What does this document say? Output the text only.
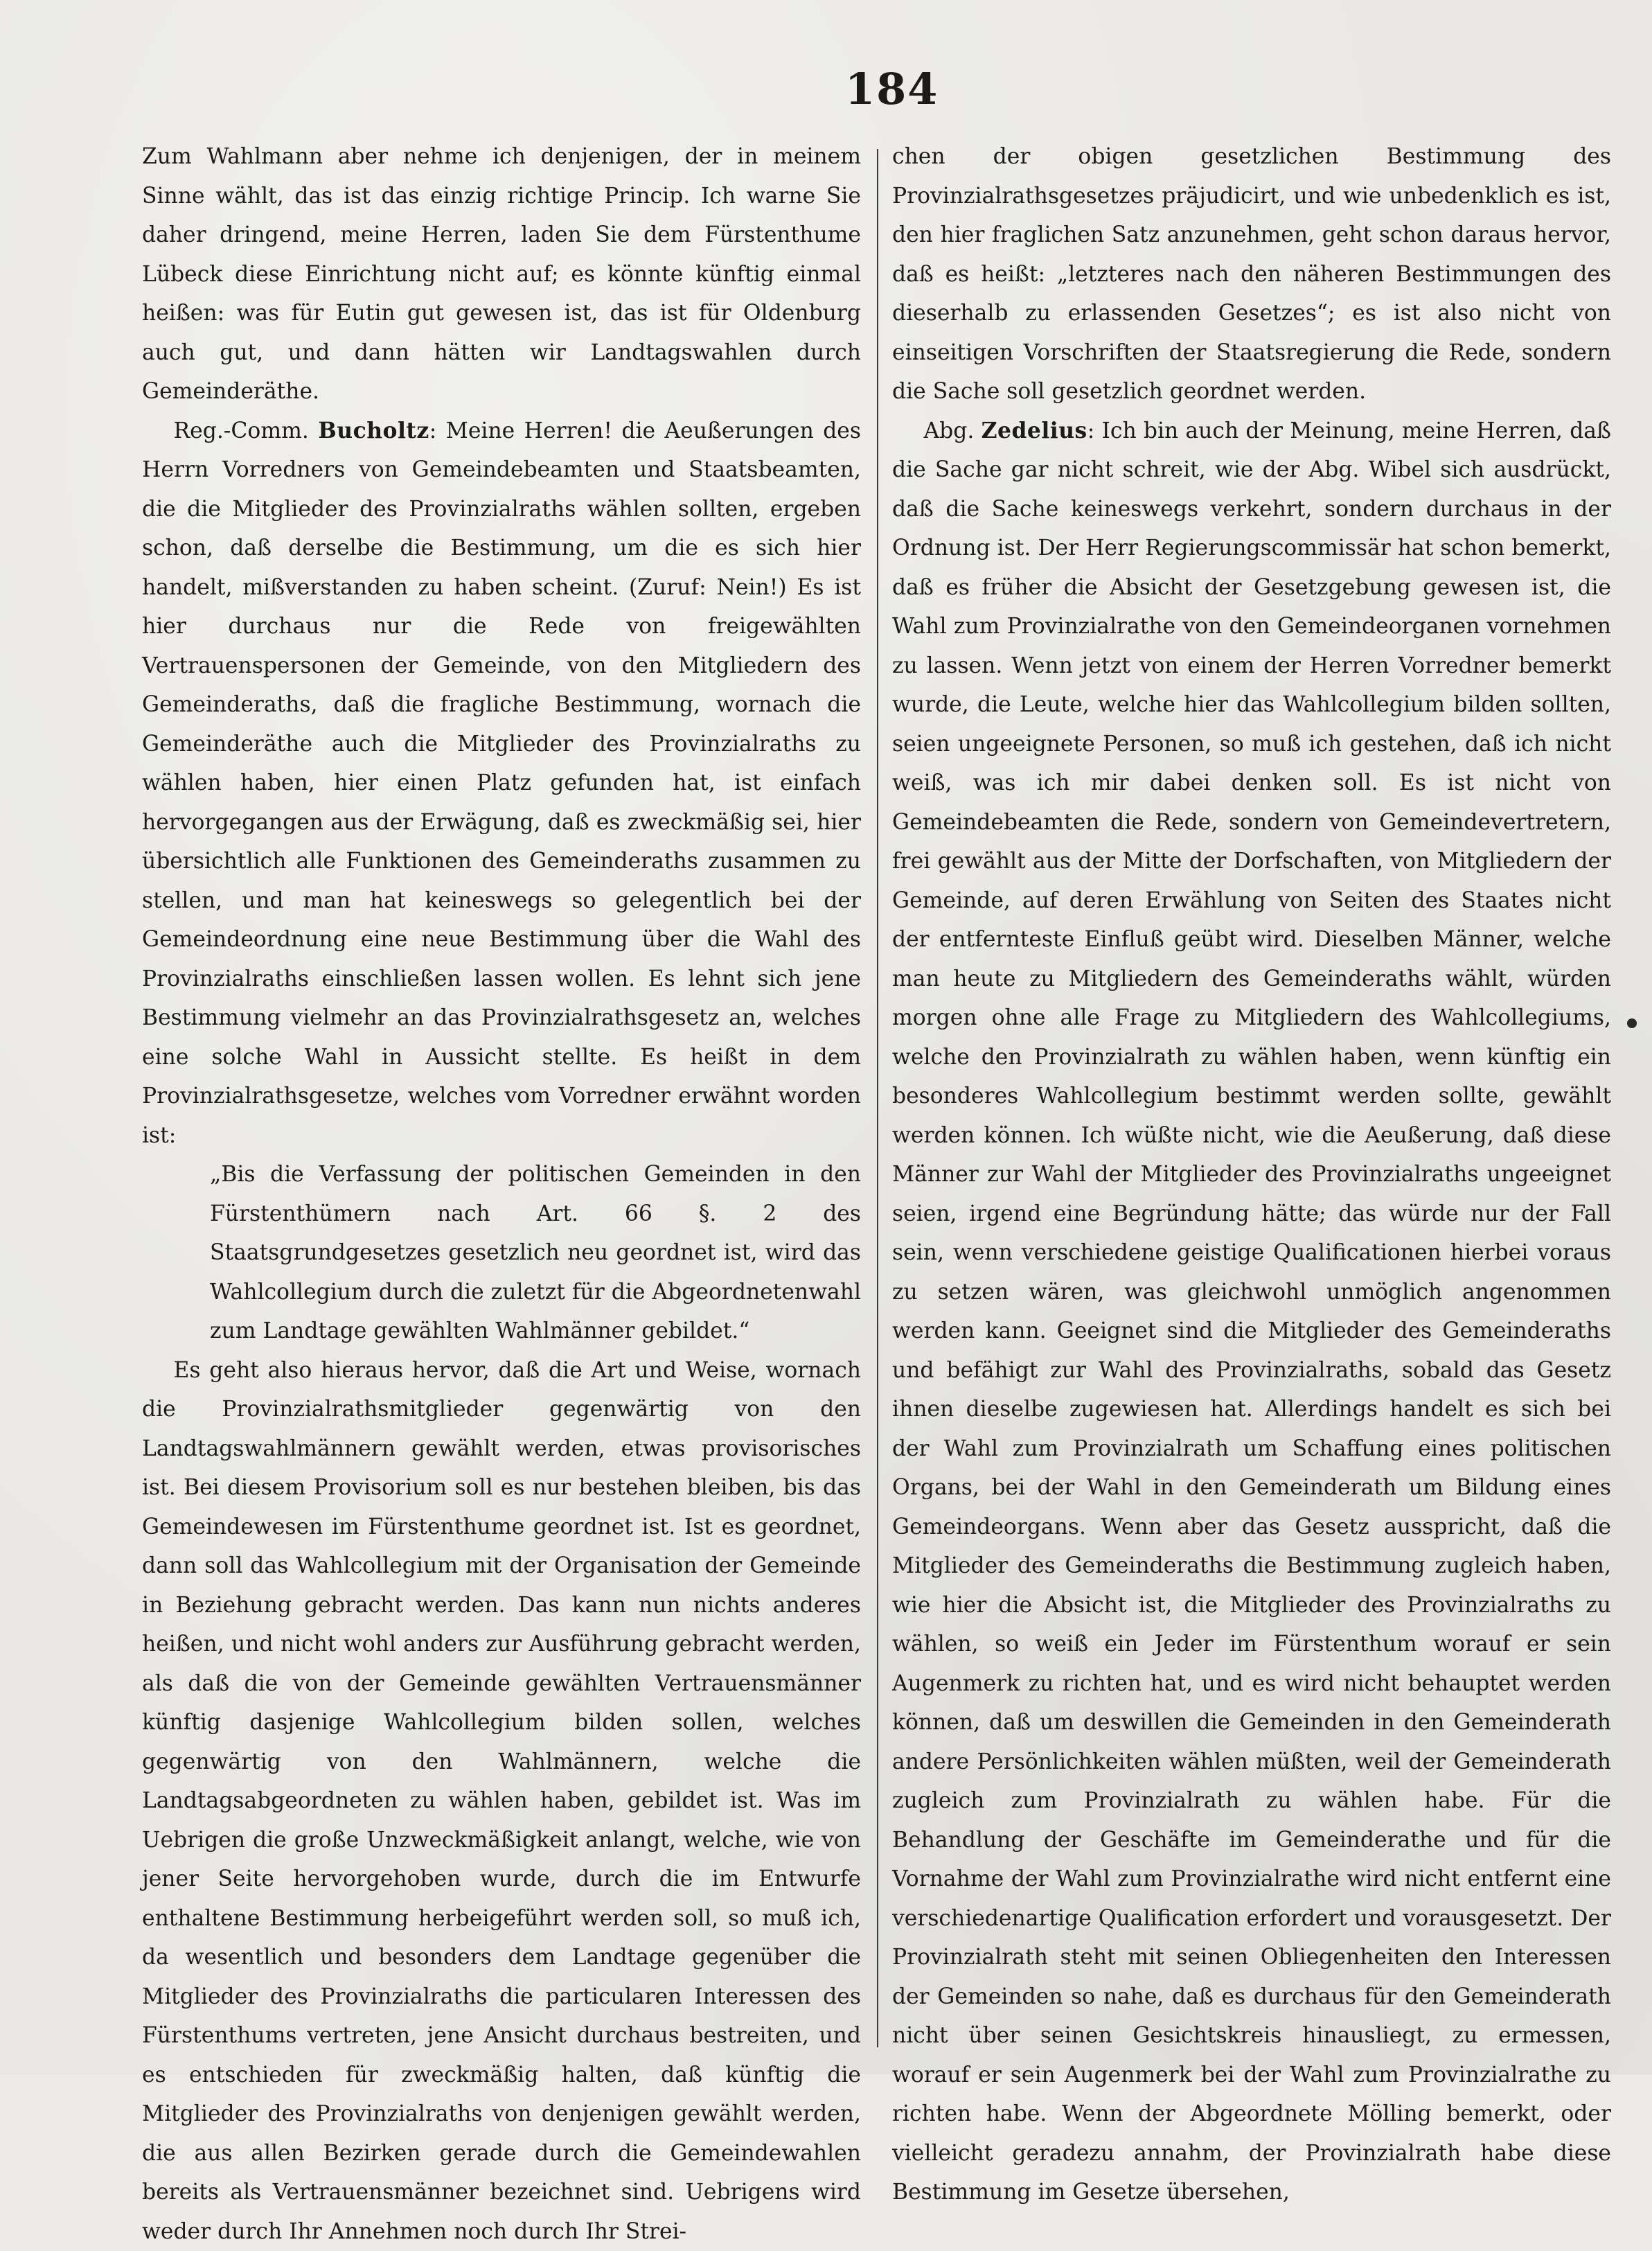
184

Zum Wahlmann aber nehme ich denjenigen, der in meinem Sinne wählt, das ist das einzig richtige Princip. Ich warne Sie daher dringend, meine Herren, laden Sie dem Fürstenthume Lübeck diese Einrichtung nicht auf; es könnte künftig einmal heißen: was für Eutin gut gewesen ist, das ist für Oldenburg auch gut, und dann hätten wir Landtagswahlen durch Gemeinderäthe.

Reg.-Comm. Bucholtz: Meine Herren! die Aeußerungen des Herrn Vorredners von Gemeindebeamten und Staatsbeamten, die die Mitglieder des Provinzialraths wählen sollten, ergeben schon, daß derselbe die Bestimmung, um die es sich hier handelt, mißverstanden zu haben scheint. (Zuruf: Nein!) Es ist hier durchaus nur die Rede von freigewählten Vertrauenspersonen der Gemeinde, von den Mitgliedern des Gemeinderaths, daß die fragliche Bestimmung, wornach die Gemeinderäthe auch die Mitglieder des Provinzialraths zu wählen haben, hier einen Platz gefunden hat, ist einfach hervorgegangen aus der Erwägung, daß es zweckmäßig sei, hier übersichtlich alle Funktionen des Gemeinderaths zusammen zu stellen, und man hat keineswegs so gelegentlich bei der Gemeindeordnung eine neue Bestimmung über die Wahl des Provinzialraths einschließen lassen wollen. Es lehnt sich jene Bestimmung vielmehr an das Provinzialrathsgesetz an, welches eine solche Wahl in Aussicht stellte. Es heißt in dem Provinzialrathsgesetze, welches vom Vorredner erwähnt worden ist:

„Bis die Verfassung der politischen Gemeinden in den Fürstenthümern nach Art. 66 §. 2 des Staatsgrundgesetzes gesetzlich neu geordnet ist, wird das Wahlcollegium durch die zuletzt für die Abgeordnetenwahl zum Landtage gewählten Wahlmänner gebildet.“

Es geht also hieraus hervor, daß die Art und Weise, wornach die Provinzialrathsmitglieder gegenwärtig von den Landtagswahlmännern gewählt werden, etwas provisorisches ist. Bei diesem Provisorium soll es nur bestehen bleiben, bis das Gemeindewesen im Fürstenthume geordnet ist. Ist es geordnet, dann soll das Wahlcollegium mit der Organisation der Gemeinde in Beziehung gebracht werden. Das kann nun nichts anderes heißen, und nicht wohl anders zur Ausführung gebracht werden, als daß die von der Gemeinde gewählten Vertrauensmänner künftig dasjenige Wahlcollegium bilden sollen, welches gegenwärtig von den Wahlmännern, welche die Landtagsabgeordneten zu wählen haben, gebildet ist. Was im Uebrigen die große Unzweckmäßigkeit anlangt, welche, wie von jener Seite hervorgehoben wurde, durch die im Entwurfe enthaltene Bestimmung herbeigeführt werden soll, so muß ich, da wesentlich und besonders dem Landtage gegenüber die Mitglieder des Provinzialraths die particularen Interessen des Fürstenthums vertreten, jene Ansicht durchaus bestreiten, und es entschieden für zweckmäßig halten, daß künftig die Mitglieder des Provinzialraths von denjenigen gewählt werden, die aus allen Bezirken gerade durch die Gemeindewahlen bereits als Vertrauensmänner bezeichnet sind. Uebrigens wird weder durch Ihr Annehmen noch durch Ihr Strei-

chen der obigen gesetzlichen Bestimmung des Provinzialrathsgesetzes präjudicirt, und wie unbedenklich es ist, den hier fraglichen Satz anzunehmen, geht schon daraus hervor, daß es heißt: „letzteres nach den näheren Bestimmungen des dieserhalb zu erlassenden Gesetzes“; es ist also nicht von einseitigen Vorschriften der Staatsregierung die Rede, sondern die Sache soll gesetzlich geordnet werden.

Abg. Zedelius: Ich bin auch der Meinung, meine Herren, daß die Sache gar nicht schreit, wie der Abg. Wibel sich ausdrückt, daß die Sache keineswegs verkehrt, sondern durchaus in der Ordnung ist. Der Herr Regierungscommissär hat schon bemerkt, daß es früher die Absicht der Gesetzgebung gewesen ist, die Wahl zum Provinzialrathe von den Gemeindeorganen vornehmen zu lassen. Wenn jetzt von einem der Herren Vorredner bemerkt wurde, die Leute, welche hier das Wahlcollegium bilden sollten, seien ungeeignete Personen, so muß ich gestehen, daß ich nicht weiß, was ich mir dabei denken soll. Es ist nicht von Gemeindebeamten die Rede, sondern von Gemeindevertretern, frei gewählt aus der Mitte der Dorfschaften, von Mitgliedern der Gemeinde, auf deren Erwählung von Seiten des Staates nicht der entfernteste Einfluß geübt wird. Dieselben Männer, welche man heute zu Mitgliedern des Gemeinderaths wählt, würden morgen ohne alle Frage zu Mitgliedern des Wahlcollegiums, welche den Provinzialrath zu wählen haben, wenn künftig ein besonderes Wahlcollegium bestimmt werden sollte, gewählt werden können. Ich wüßte nicht, wie die Aeußerung, daß diese Männer zur Wahl der Mitglieder des Provinzialraths ungeeignet seien, irgend eine Begründung hätte; das würde nur der Fall sein, wenn verschiedene geistige Qualificationen hierbei voraus zu setzen wären, was gleichwohl unmöglich angenommen werden kann. Geeignet sind die Mitglieder des Gemeinderaths und befähigt zur Wahl des Provinzialraths, sobald das Gesetz ihnen dieselbe zugewiesen hat. Allerdings handelt es sich bei der Wahl zum Provinzialrath um Schaffung eines politischen Organs, bei der Wahl in den Gemeinderath um Bildung eines Gemeindeorgans. Wenn aber das Gesetz ausspricht, daß die Mitglieder des Gemeinderaths die Bestimmung zugleich haben, wie hier die Absicht ist, die Mitglieder des Provinzialraths zu wählen, so weiß ein Jeder im Fürstenthum worauf er sein Augenmerk zu richten hat, und es wird nicht behauptet werden können, daß um deswillen die Gemeinden in den Gemeinderath andere Persönlichkeiten wählen müßten, weil der Gemeinderath zugleich zum Provinzialrath zu wählen habe. Für die Behandlung der Geschäfte im Gemeinderathe und für die Vornahme der Wahl zum Provinzialrathe wird nicht entfernt eine verschiedenartige Qualification erfordert und vorausgesetzt. Der Provinzialrath steht mit seinen Obliegenheiten den Interessen der Gemeinden so nahe, daß es durchaus für den Gemeinderath nicht über seinen Gesichtskreis hinausliegt, zu ermessen, worauf er sein Augenmerk bei der Wahl zum Provinzialrathe zu richten habe. Wenn der Abgeordnete Mölling bemerkt, oder vielleicht geradezu annahm, der Provinzialrath habe diese Bestimmung im Gesetze übersehen,
